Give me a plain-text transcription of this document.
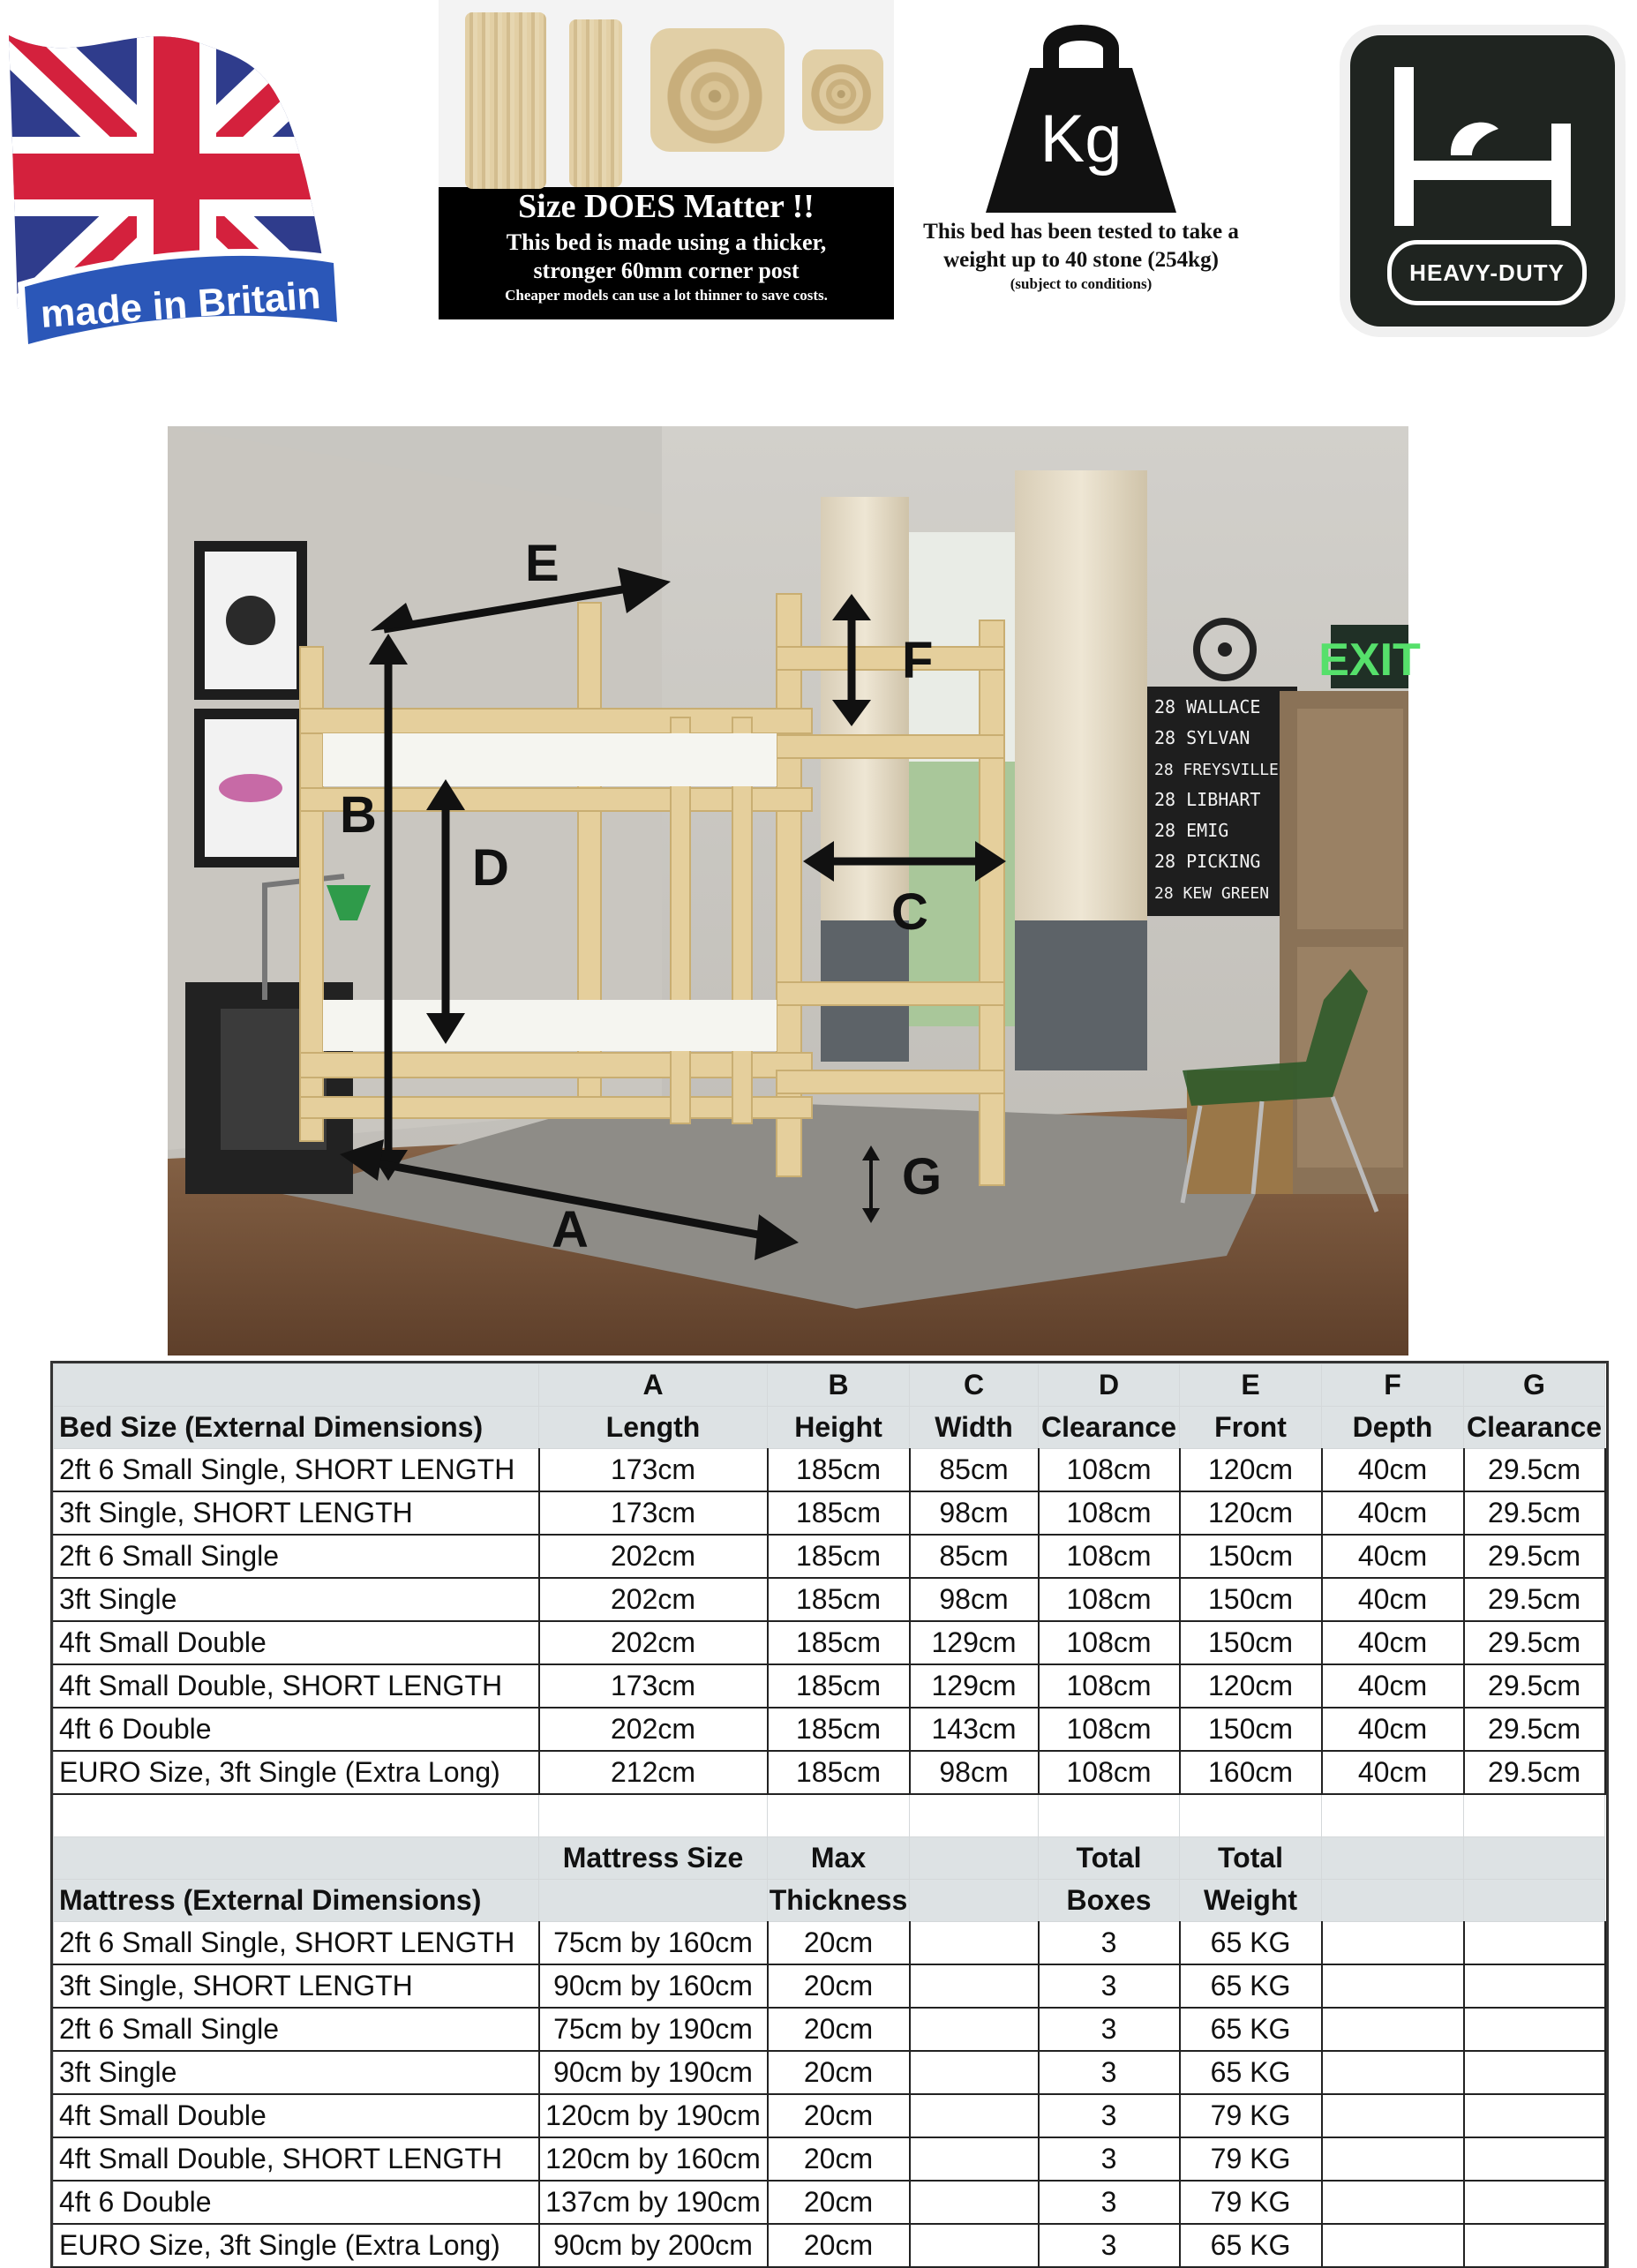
made in Britain
Size DOES Matter !!
This bed is made using a thicker,
stronger 60mm corner post
Cheaper models can use a lot thinner to save costs.
Kg
This bed has been tested to take a
weight up to 40 stone (254kg)
(subject to conditions)	HEAVY-DUTY
EXIT
28 WALLACE
28 SYLVAN
28 FREYSVILLE
28 LIBHART
28 EMIG
28 PICKING
28 KEW GREEN
A
B
C
D
E
F
G
	A	B	C	D	E	F	G
Bed Size (External Dimensions)	Length	Height	Width	Clearance	Front	Depth	Clearance
2ft 6 Small Single, SHORT LENGTH	173cm	185cm	85cm	108cm	120cm	40cm	29.5cm
3ft Single, SHORT LENGTH	173cm	185cm	98cm	108cm	120cm	40cm	29.5cm
2ft 6 Small Single	202cm	185cm	85cm	108cm	150cm	40cm	29.5cm
3ft Single	202cm	185cm	98cm	108cm	150cm	40cm	29.5cm
4ft Small Double	202cm	185cm	129cm	108cm	150cm	40cm	29.5cm
4ft Small Double, SHORT LENGTH	173cm	185cm	129cm	108cm	120cm	40cm	29.5cm
4ft 6 Double	202cm	185cm	143cm	108cm	150cm	40cm	29.5cm
EURO Size, 3ft Single (Extra Long)	212cm	185cm	98cm	108cm	160cm	40cm	29.5cm

	Mattress Size	Max		Total	Total		
Mattress (External Dimensions)		Thickness		Boxes	Weight		
2ft 6 Small Single, SHORT LENGTH	75cm by 160cm	20cm		3	65 KG		
3ft Single, SHORT LENGTH	90cm by 160cm	20cm		3	65 KG		
2ft 6 Small Single	75cm by 190cm	20cm		3	65 KG		
3ft Single	90cm by 190cm	20cm		3	65 KG		
4ft Small Double	120cm by 190cm	20cm		3	79 KG		
4ft Small Double, SHORT LENGTH	120cm by 160cm	20cm		3	79 KG		
4ft 6 Double	137cm by 190cm	20cm		3	79 KG		
EURO Size, 3ft Single (Extra Long)	90cm by 200cm	20cm		3	65 KG		
